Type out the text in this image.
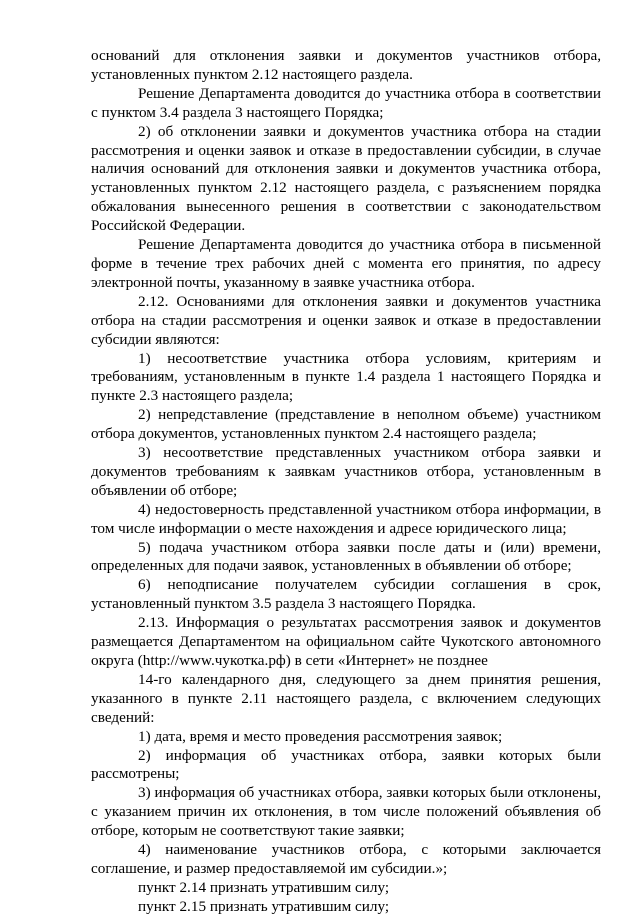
оснований для отклонения заявки и документов участников отбора, установленных пунктом 2.12 настоящего раздела.

Решение Департамента доводится до участника отбора в соответствии с пунктом 3.4 раздела 3 настоящего Порядка;

2) об отклонении заявки и документов участника отбора на стадии рассмотрения и оценки заявок и отказе в предоставлении субсидии, в случае наличия оснований для отклонения заявки и документов участника отбора, установленных пунктом 2.12 настоящего раздела, с разъяснением порядка обжалования вынесенного решения в соответствии с законодательством Российской Федерации.

Решение Департамента доводится до участника отбора в письменной форме в течение трех рабочих дней с момента его принятия, по адресу электронной почты, указанному в заявке участника отбора.

2.12. Основаниями для отклонения заявки и документов участника отбора на стадии рассмотрения и оценки заявок и отказе в предоставлении субсидии являются:

1) несоответствие участника отбора условиям, критериям и требованиям, установленным в пункте 1.4 раздела 1 настоящего Порядка и пункте 2.3 настоящего раздела;

2) непредставление (представление в неполном объеме) участником отбора документов, установленных пунктом 2.4 настоящего раздела;

3) несоответствие представленных участником отбора заявки и документов требованиям к заявкам участников отбора, установленным в объявлении об отборе;

4) недостоверность представленной участником отбора информации, в том числе информации о месте нахождения и адресе юридического лица;

5) подача участником отбора заявки после даты и (или) времени, определенных для подачи заявок, установленных в объявлении об отборе;

6) неподписание получателем субсидии соглашения в срок, установленный пунктом 3.5 раздела 3 настоящего Порядка.

2.13. Информация о результатах рассмотрения заявок и документов размещается Департаментом на официальном сайте Чукотского автономного округа (http://www.чукотка.рф) в сети «Интернет» не позднее

14-го календарного дня, следующего за днем принятия решения, указанного в пункте 2.11 настоящего раздела, с включением следующих сведений:

1) дата, время и место проведения рассмотрения заявок;

2) информация об участниках отбора, заявки которых были рассмотрены;

3) информация об участниках отбора, заявки которых были отклонены, с указанием причин их отклонения, в том числе положений объявления об отборе, которым не соответствуют такие заявки;

4) наименование участников отбора, с которыми заключается соглашение, и размер предоставляемой им субсидии.»;

пункт 2.14 признать утратившим силу;

пункт 2.15 признать утратившим силу;
